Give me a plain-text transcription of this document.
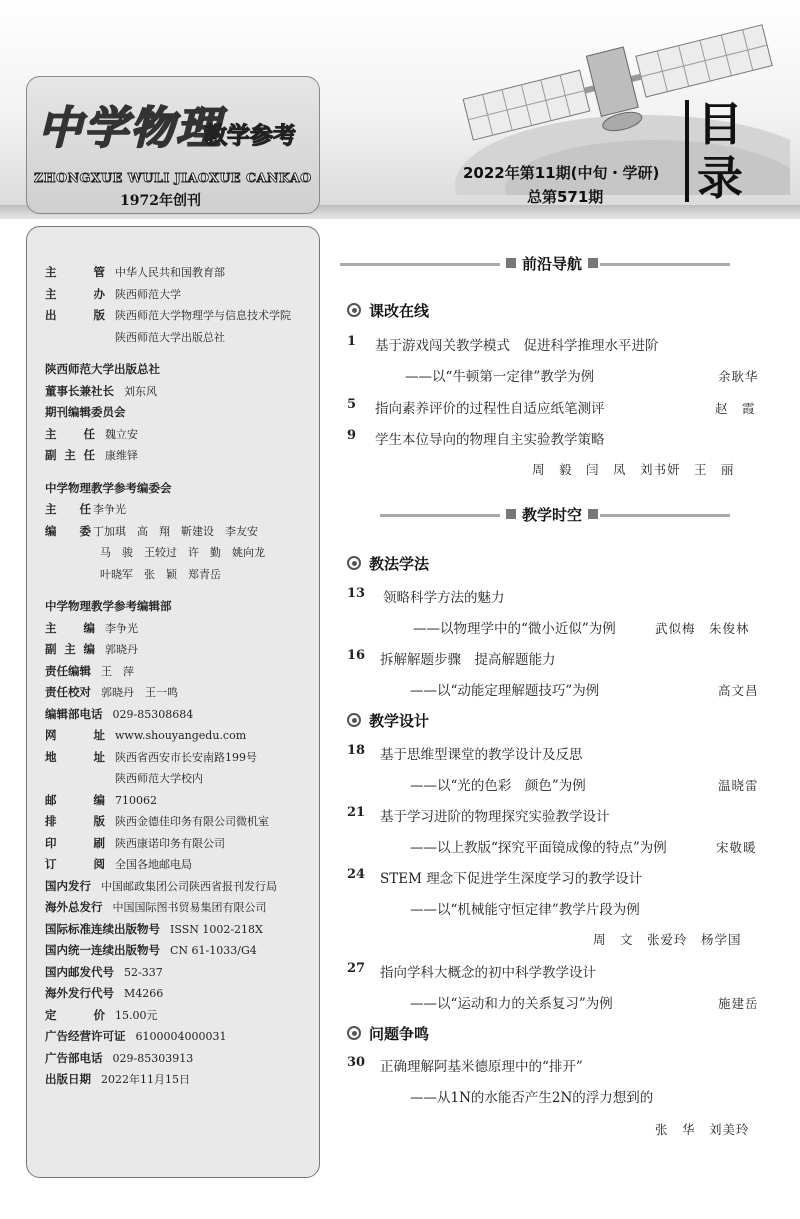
中学物理
教学参考
ZHONGXUE WULI JIAOXUE CANKAO
1972年创刊
2022年第11期(中旬・学研)
总第571期
目录
主　　管 中华人民共和国教育部
主　　办 陕西师范大学
出　　版 陕西师范大学物理学与信息技术学院
陕西师范大学出版总社
陕西师范大学出版总社
董事长兼社长 刘东风
期刊编辑委员会
主　　任 魏立安
副 主 任 康维铎
中学物理教学参考编委会
主　　任 李争光
编　　委 丁加琪　高　翔　靳建设　李友安
马　骏　王较过　许　勤　姚向龙
叶晓军　张　颖　郑青岳
中学物理教学参考编辑部
主　　编 李争光
副 主 编 郭晓丹
责任编辑 王　萍
责任校对 郭晓丹　王一鸣
编辑部电话 029-85308684
网　　址 www.shouyangedu.com
地　　址 陕西省西安市长安南路199号
陕西师范大学校内
邮　　编 710062
排　　版 陕西金德佳印务有限公司微机室
印　　刷 陕西康诺印务有限公司
订　　阅 全国各地邮电局
国内发行 中国邮政集团公司陕西省报刊发行局
海外总发行 中国国际图书贸易集团有限公司
国际标准连续出版物号 ISSN 1002-218X
国内统一连续出版物号 CN 61-1033/G4
国内邮发代号 52-337
海外发行代号 M4266
定　　价 15.00元
广告经营许可证 6100004000031
广告部电话 029-85303913
出版日期 2022年11月15日
前沿导航
课改在线
1 基于游戏闯关教学模式　促进科学推理水平进阶
——以“牛顿第一定律”教学为例	余耿华
5 指向素养评价的过程性自适应纸笔测评	赵　霞
9 学生本位导向的物理自主实验教学策略
周　毅　闫　凤　刘书妍　王　丽
教学时空
教法学法
13 领略科学方法的魅力
——以物理学中的“微小近似”为例	武似梅　朱俊林
16 拆解解题步骤　提高解题能力
——以“动能定理解题技巧”为例	高文昌
教学设计
18 基于思维型课堂的教学设计及反思
——以“光的色彩　颜色”为例	温晓雷
21 基于学习进阶的物理探究实验教学设计
——以上教版“探究平面镜成像的特点”为例	宋敬暖
24 STEM 理念下促进学生深度学习的教学设计
——以“机械能守恒定律”教学片段为例
周　文　张爱玲　杨学国
27 指向学科大概念的初中科学教学设计
——以“运动和力的关系复习”为例	施建岳
问题争鸣
30 正确理解阿基米德原理中的“排开”
——从1N的水能否产生2N的浮力想到的
张　华　刘美玲
